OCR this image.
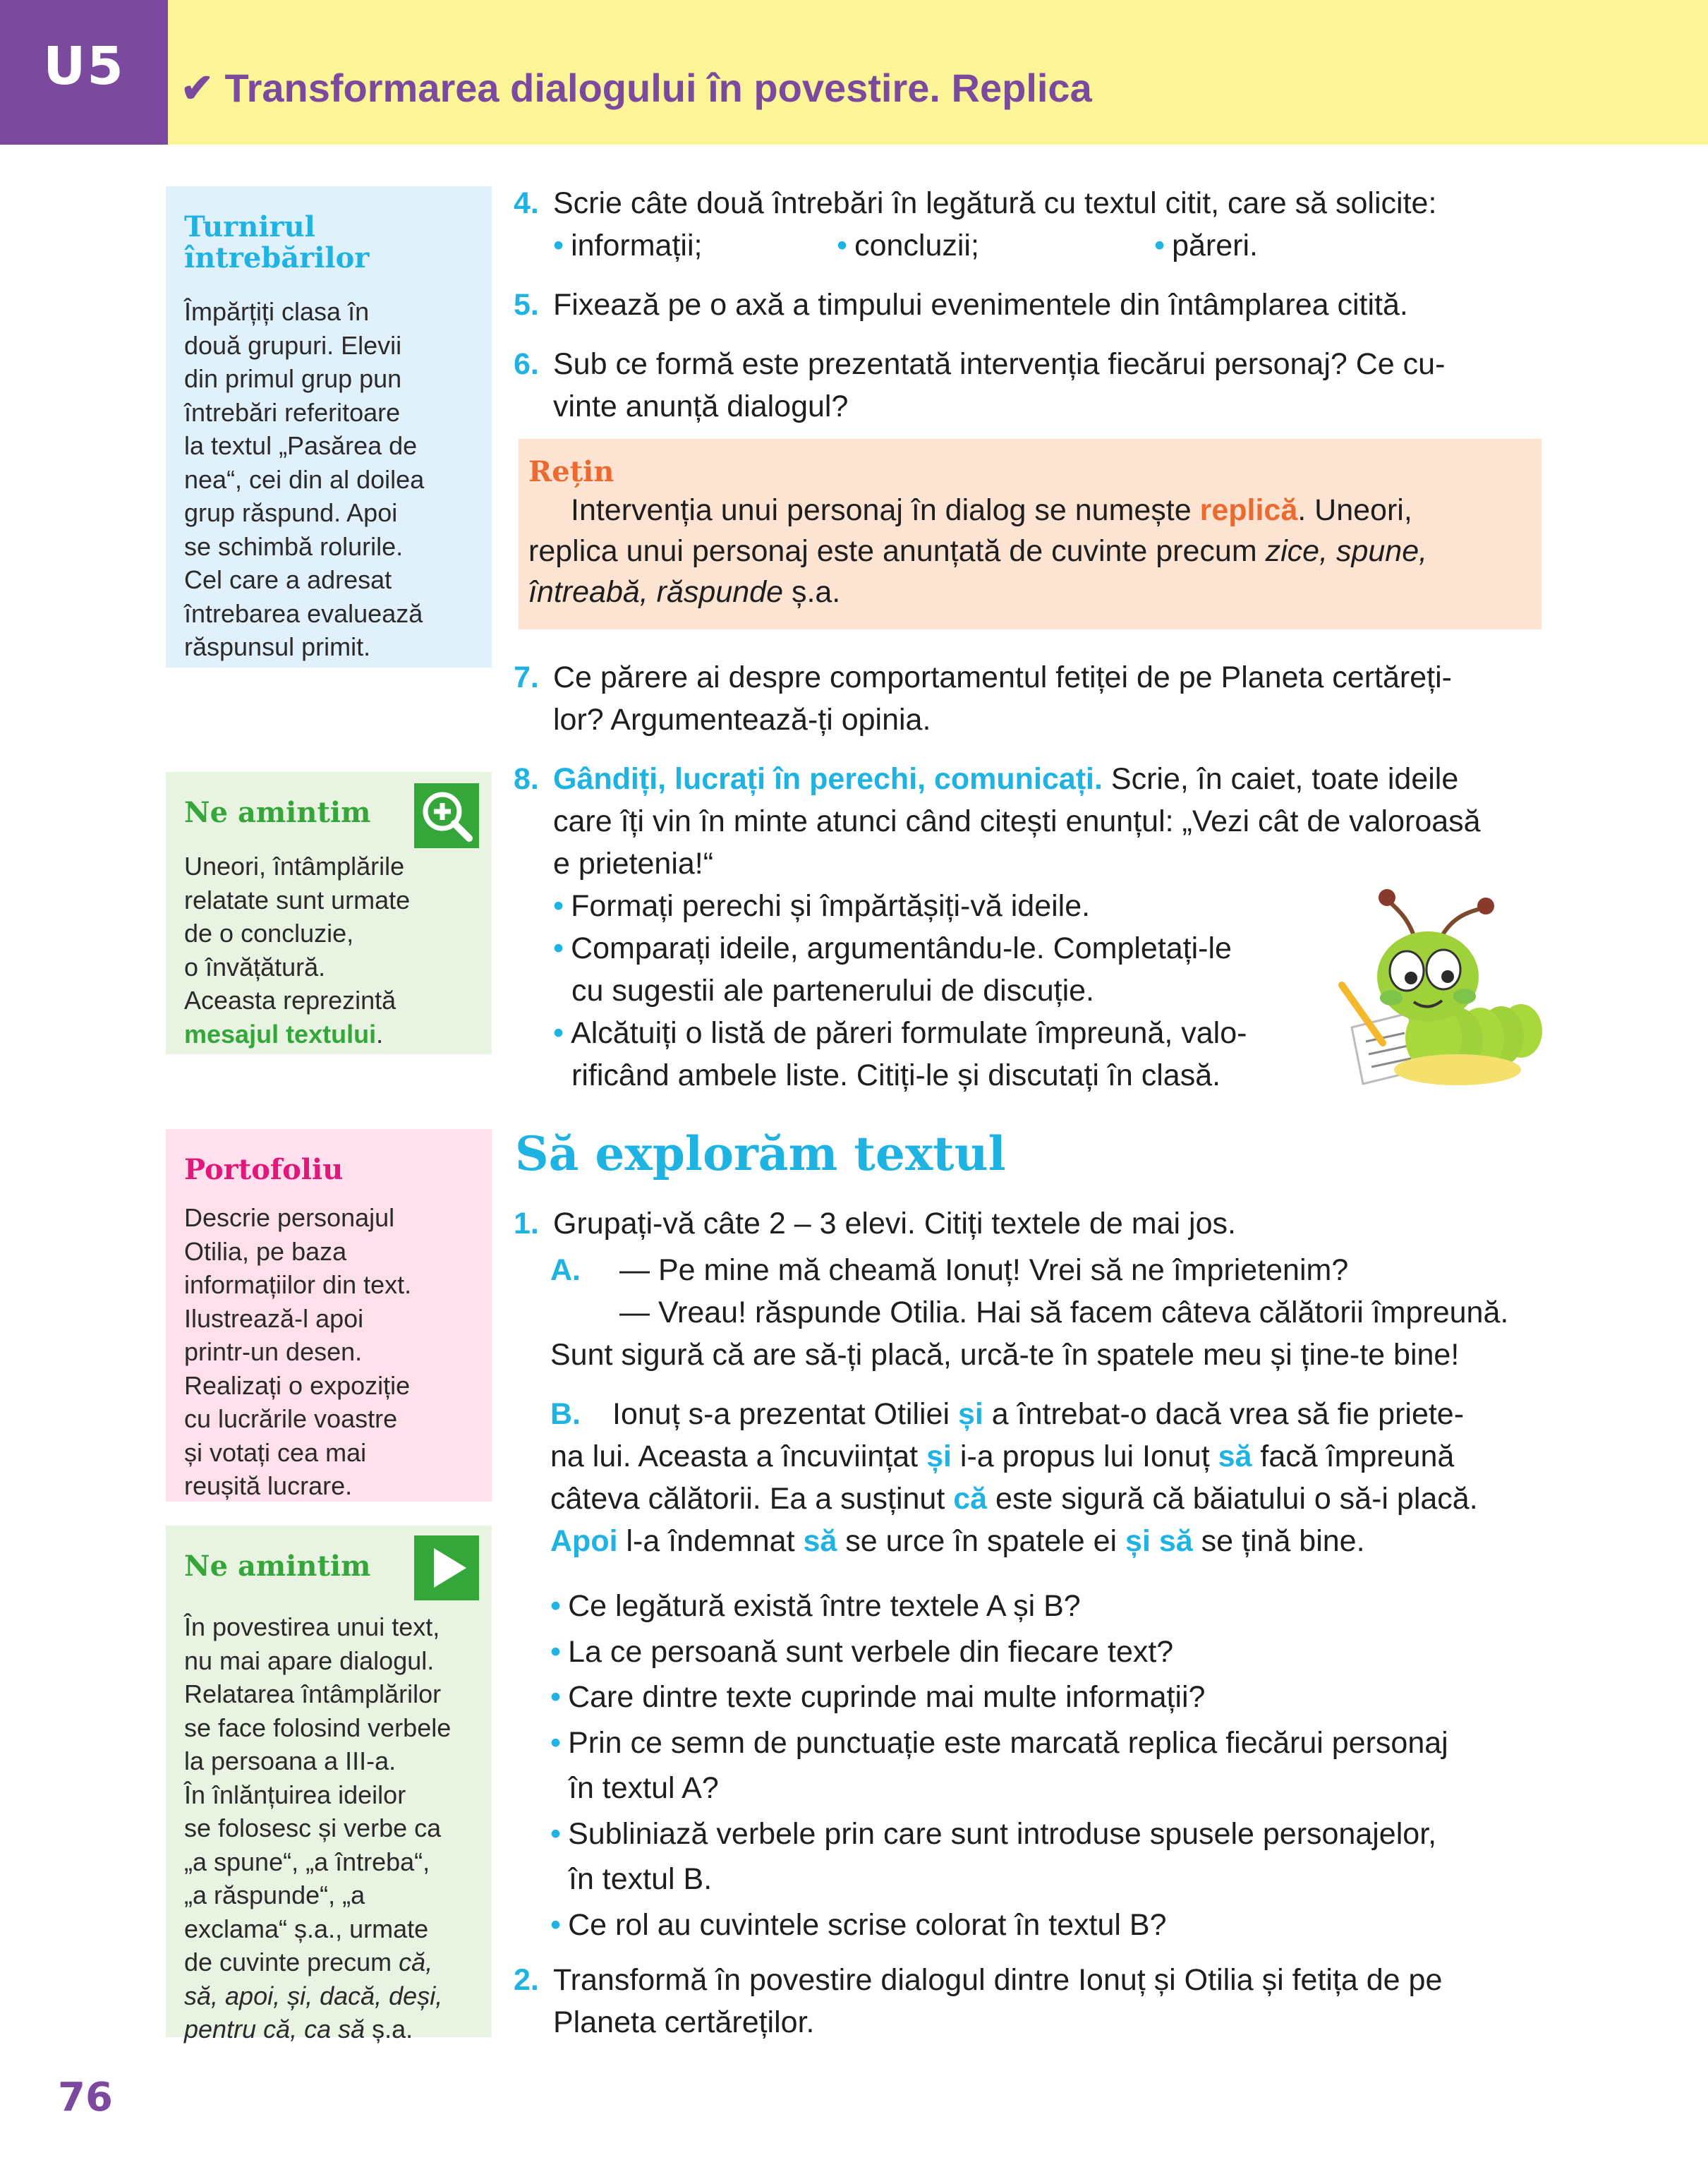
U5	✔ Transformarea dialogului în povestire. Replica
Turnirul întrebărilor
Împărțiți clasa în
două grupuri. Elevii
din primul grup pun
întrebări referitoare
la textul „Pasărea de
nea“, cei din al doilea
grup răspund. Apoi
se schimbă rolurile.
Cel care a adresat
întrebarea evaluează
răspunsul primit.
Ne amintim
Uneori, întâmplările
relatate sunt urmate
de o concluzie,
o învățătură.
Aceasta reprezintă
mesajul textului.
Portofoliu
Descrie personajul
Otilia, pe baza
informațiilor din text.
Ilustrează-l apoi
printr-un desen.
Realizați o expoziție
cu lucrările voastre
și votați cea mai
reușită lucrare.
Ne amintim
În povestirea unui text,
nu mai apare dialogul.
Relatarea întâmplărilor
se face folosind verbele
la persoana a III-a.
În înlănțuirea ideilor
se folosesc și verbe ca
„a spune“, „a întreba“,
„a răspunde“, „a
exclama“ ș.a., urmate
de cuvinte precum că,
să, apoi, și, dacă, deși,
pentru că, ca să ș.a.
4. Scrie câte două întrebări în legătură cu textul citit, care să solicite:
• informații;	• concluzii;	• păreri.
5. Fixează pe o axă a timpului evenimentele din întâmplarea citită.
6. Sub ce formă este prezentată intervenția fiecărui personaj? Ce cu-
vinte anunță dialogul?
Rețin
Intervenția unui personaj în dialog se numește replică. Uneori,
replica unui personaj este anunțată de cuvinte precum zice, spune,
întreabă, răspunde ș.a.
7. Ce părere ai despre comportamentul fetiței de pe Planeta certăreți-
lor? Argumentează-ți opinia.
8. Gândiți, lucrați în perechi, comunicați. Scrie, în caiet, toate ideile
care îți vin în minte atunci când citești enunțul: „Vezi cât de valoroasă
e prietenia!“
• Formați perechi și împărtășiți-vă ideile.
• Comparați ideile, argumentându-le. Completați-le
cu sugestii ale partenerului de discuție.
• Alcătuiți o listă de păreri formulate împreună, valo-
rificând ambele liste. Citiți-le și discutați în clasă.
Să explorăm textul
1. Grupați-vă câte 2 – 3 elevi. Citiți textele de mai jos.
A. — Pe mine mă cheamă Ionuț! Vrei să ne împrietenim?
— Vreau! răspunde Otilia. Hai să facem câteva călătorii împreună.
Sunt sigură că are să-ți placă, urcă-te în spatele meu și ține-te bine!
B. Ionuț s-a prezentat Otiliei și a întrebat-o dacă vrea să fie priete-
na lui. Aceasta a încuviințat și i-a propus lui Ionuț să facă împreună
câteva călătorii. Ea a susținut că este sigură că băiatului o să-i placă.
Apoi l-a îndemnat să se urce în spatele ei și să se țină bine.
• Ce legătură există între textele A și B?
• La ce persoană sunt verbele din fiecare text?
• Care dintre texte cuprinde mai multe informații?
• Prin ce semn de punctuație este marcată replica fiecărui personaj
în textul A?
• Subliniază verbele prin care sunt introduse spusele personajelor,
în textul B.
• Ce rol au cuvintele scrise colorat în textul B?
2. Transformă în povestire dialogul dintre Ionuț și Otilia și fetița de pe
Planeta certăreților.
76
